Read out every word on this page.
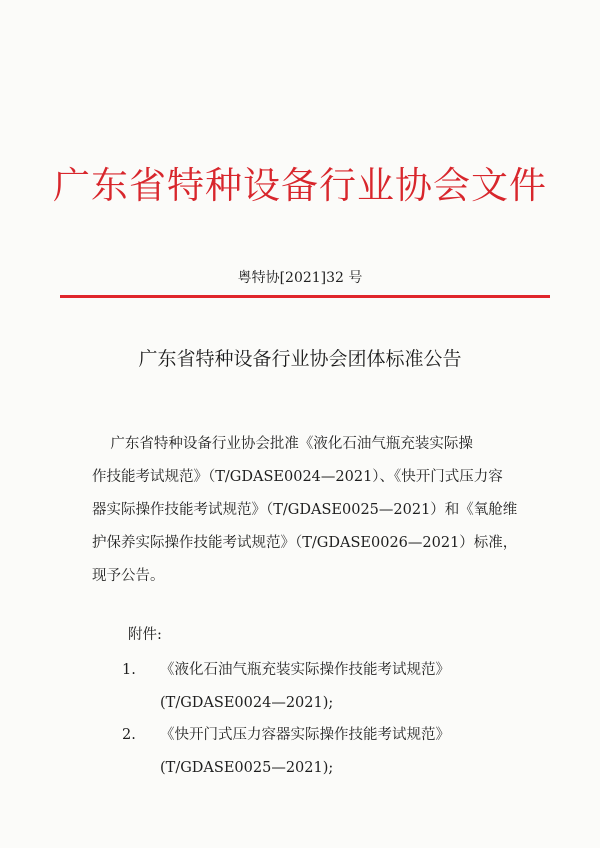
广东省特种设备行业协会文件
粤特协[2021]32 号
广东省特种设备行业协会团体标准公告
广东省特种设备行业协会批准《液化石油气瓶充装实际操
作技能考试规范》（T/GDASE0024—2021）、《快开门式压力容
器实际操作技能考试规范》（T/GDASE0025—2021）和《氧舱维
护保养实际操作技能考试规范》（T/GDASE0026—2021）标准，
现予公告。
附件:
1. 《液化石油气瓶充装实际操作技能考试规范》
(T/GDASE0024—2021);
2. 《快开门式压力容器实际操作技能考试规范》
(T/GDASE0025—2021);
